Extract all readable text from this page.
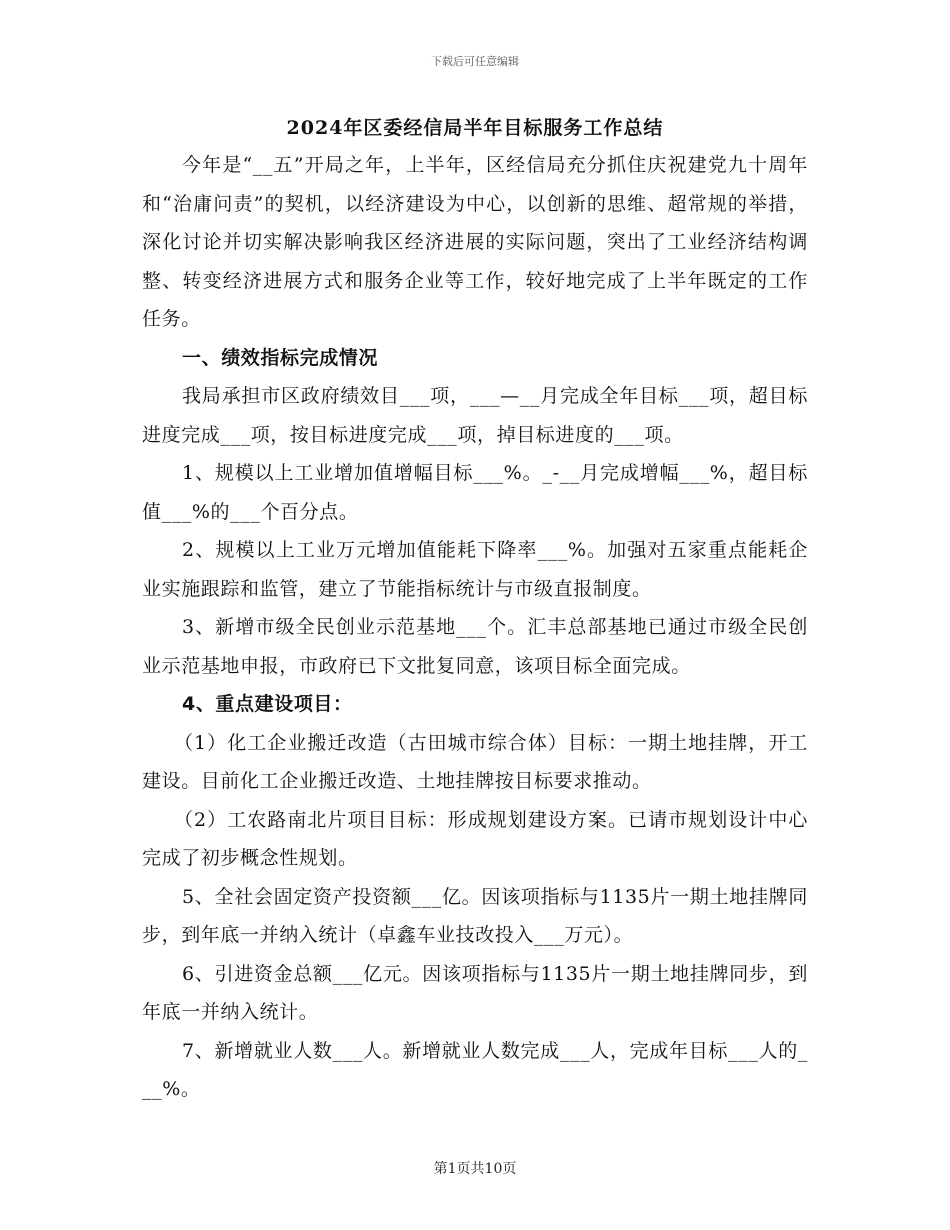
下载后可任意编辑
2024年区委经信局半年目标服务工作总结

今年是“__五”开局之年，上半年，区经信局充分抓住庆祝建党九十周年和“治庸问责”的契机，以经济建设为中心，以创新的思维、超常规的举措，深化讨论并切实解决影响我区经济进展的实际问题，突出了工业经济结构调整、转变经济进展方式和服务企业等工作，较好地完成了上半年既定的工作任务。

一、绩效指标完成情况

我局承担市区政府绩效目___项，___—__月完成全年目标___项，超目标进度完成___项，按目标进度完成___项，掉目标进度的___项。

1、规模以上工业增加值增幅目标___%。_-__月完成增幅___%，超目标值___%的___个百分点。

2、规模以上工业万元增加值能耗下降率___%。加强对五家重点能耗企业实施跟踪和监管，建立了节能指标统计与市级直报制度。

3、新增市级全民创业示范基地___个。汇丰总部基地已通过市级全民创业示范基地申报，市政府已下文批复同意，该项目标全面完成。

4、重点建设项目：

（1）化工企业搬迁改造（古田城市综合体）目标：一期土地挂牌，开工建设。目前化工企业搬迁改造、土地挂牌按目标要求推动。

（2）工农路南北片项目目标：形成规划建设方案。已请市规划设计中心完成了初步概念性规划。

5、全社会固定资产投资额___亿。因该项指标与1135片一期土地挂牌同步，到年底一并纳入统计（卓鑫车业技改投入___万元）。

6、引进资金总额___亿元。因该项指标与1135片一期土地挂牌同步，到年底一并纳入统计。

7、新增就业人数___人。新增就业人数完成___人，完成年目标___人的___%。

第1页共10页
